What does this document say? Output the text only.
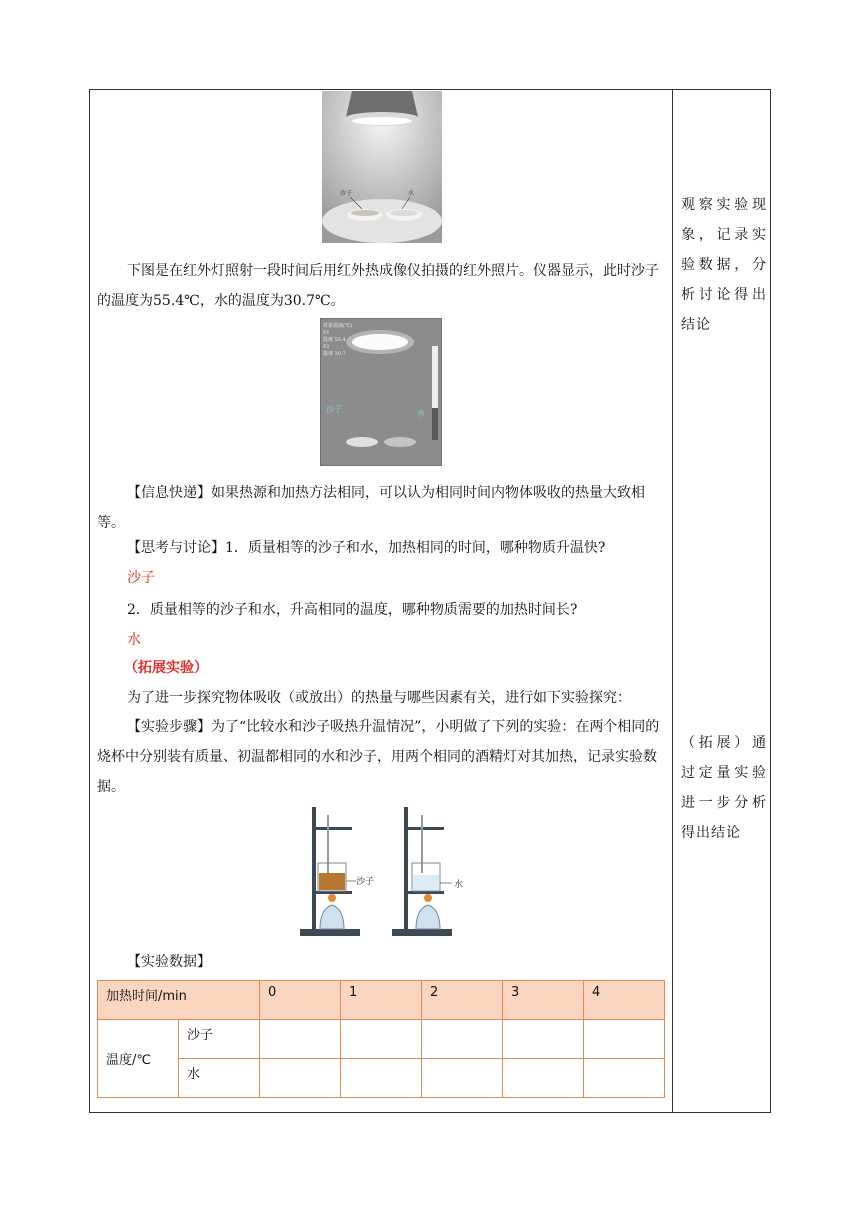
沙子	水

下图是在红外灯照射一段时间后用红外热成像仪拍摄的红外照片。仪器显示，此时沙子的温度为55.4℃，水的温度为30.7℃。

对象温度(℃)
P1
温度 55.4
P2
温度 30.7
沙子	水

【信息快递】如果热源和加热方法相同，可以认为相同时间内物体吸收的热量大致相等。

【思考与讨论】1．质量相等的沙子和水，加热相同的时间，哪种物质升温快?
沙子
2．质量相等的沙子和水，升高相同的温度，哪种物质需要的加热时间长?
水
（拓展实验）
为了进一步探究物体吸收（或放出）的热量与哪些因素有关，进行如下实验探究：

【实验步骤】为了“比较水和沙子吸热升温情况”，小明做了下列的实验：在两个相同的烧杯中分别装有质量、初温都相同的水和沙子，用两个相同的酒精灯对其加热，记录实验数据。

沙子	水
【实验数据】
加热时间/min		0	1	2	3	4
温度/℃	沙子					
	水					
观察实验现象，记录实验数据，分析讨论得出结论
（拓展）通过定量实验进一步分析得出结论
